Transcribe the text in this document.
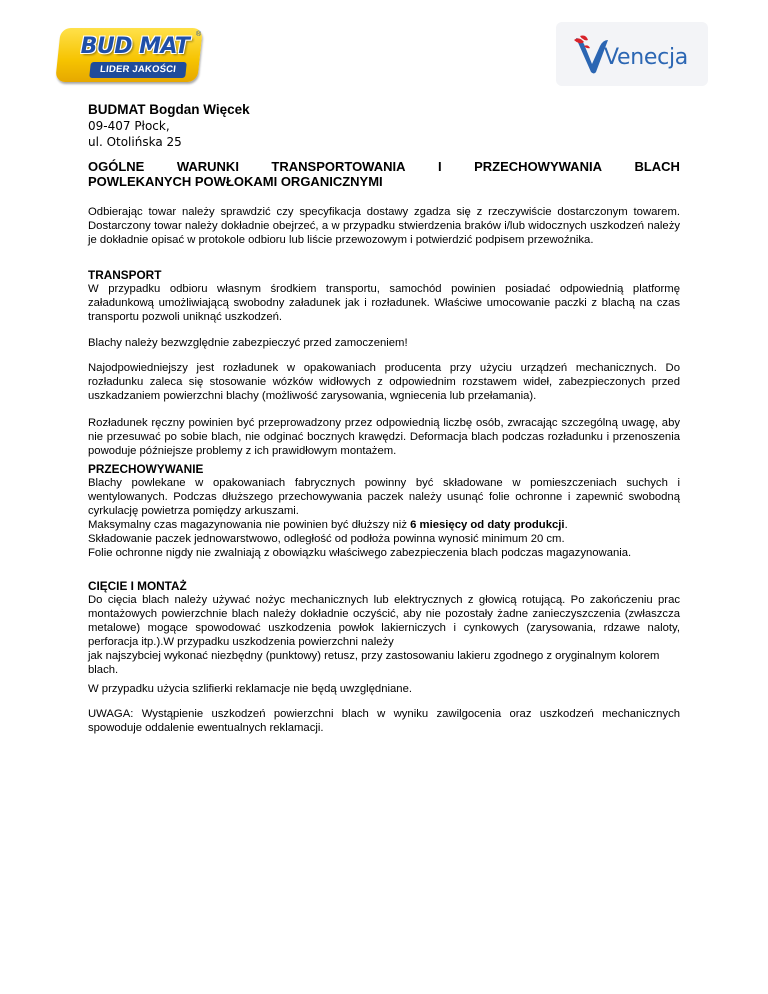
BUD MAT ®
LIDER JAKOŚCI	Venecja
BUDMAT Bogdan Więcek
09-407 Płock,
ul. Otolińska 25
OGÓLNE WARUNKI TRANSPORTOWANIA I PRZECHOWYWANIA BLACH
POWLEKANYCH POWŁOKAMI ORGANICZNYMI

Odbierając towar należy sprawdzić czy specyfikacja dostawy zgadza się z rzeczywiście dostarczonym towarem. Dostarczony towar należy dokładnie obejrzeć, a w przypadku stwierdzenia braków i/lub widocznych uszkodzeń należy je dokładnie opisać w protokole odbioru lub liście przewozowym i potwierdzić podpisem przewoźnika.

TRANSPORT

W przypadku odbioru własnym środkiem transportu, samochód powinien posiadać odpowiednią platformę załadunkową umożliwiającą swobodny załadunek jak i rozładunek. Właściwe umocowanie paczki z blachą na czas transportu pozwoli uniknąć uszkodzeń.

Blachy należy bezwzględnie zabezpieczyć przed zamoczeniem!

Najodpowiedniejszy jest rozładunek w opakowaniach producenta przy użyciu urządzeń mechanicznych. Do rozładunku zaleca się stosowanie wózków widłowych z odpowiednim rozstawem wideł, zabezpieczonych przed uszkadzaniem powierzchni blachy (możliwość zarysowania, wgniecenia lub przełamania).

Rozładunek ręczny powinien być przeprowadzony przez odpowiednią liczbę osób, zwracając szczególną uwagę, aby nie przesuwać po sobie blach, nie odginać bocznych krawędzi. Deformacja blach podczas rozładunku i przenoszenia powoduje późniejsze problemy z ich prawidłowym montażem.

PRZECHOWYWANIE

Blachy powlekane w opakowaniach fabrycznych powinny być składowane w pomieszczeniach suchych i wentylowanych. Podczas dłuższego przechowywania paczek należy usunąć folie ochronne i zapewnić swobodną cyrkulację powietrza pomiędzy arkuszami.

Maksymalny czas magazynowania nie powinien być dłuższy niż 6 miesięcy od daty produkcji.

Składowanie paczek jednowarstwowo, odległość od podłoża powinna wynosić minimum 20 cm.

Folie ochronne nigdy nie zwalniają z obowiązku właściwego zabezpieczenia blach podczas magazynowania.

CIĘCIE I MONTAŻ

Do cięcia blach należy używać nożyc mechanicznych lub elektrycznych z głowicą rotującą. Po zakończeniu prac montażowych powierzchnie blach należy dokładnie oczyścić, aby nie pozostały żadne zanieczyszczenia (zwłaszcza metalowe) mogące spowodować uszkodzenia powłok lakierniczych i cynkowych (zarysowania, rdzawe naloty, perforacja itp.).W przypadku uszkodzenia powierzchni należy

jak najszybciej wykonać niezbędny (punktowy) retusz, przy zastosowaniu lakieru zgodnego z oryginalnym kolorem blach.

W przypadku użycia szlifierki reklamacje nie będą uwzględniane.

UWAGA: Wystąpienie uszkodzeń powierzchni blach w wyniku zawilgocenia oraz uszkodzeń mechanicznych spowoduje oddalenie ewentualnych reklamacji.
